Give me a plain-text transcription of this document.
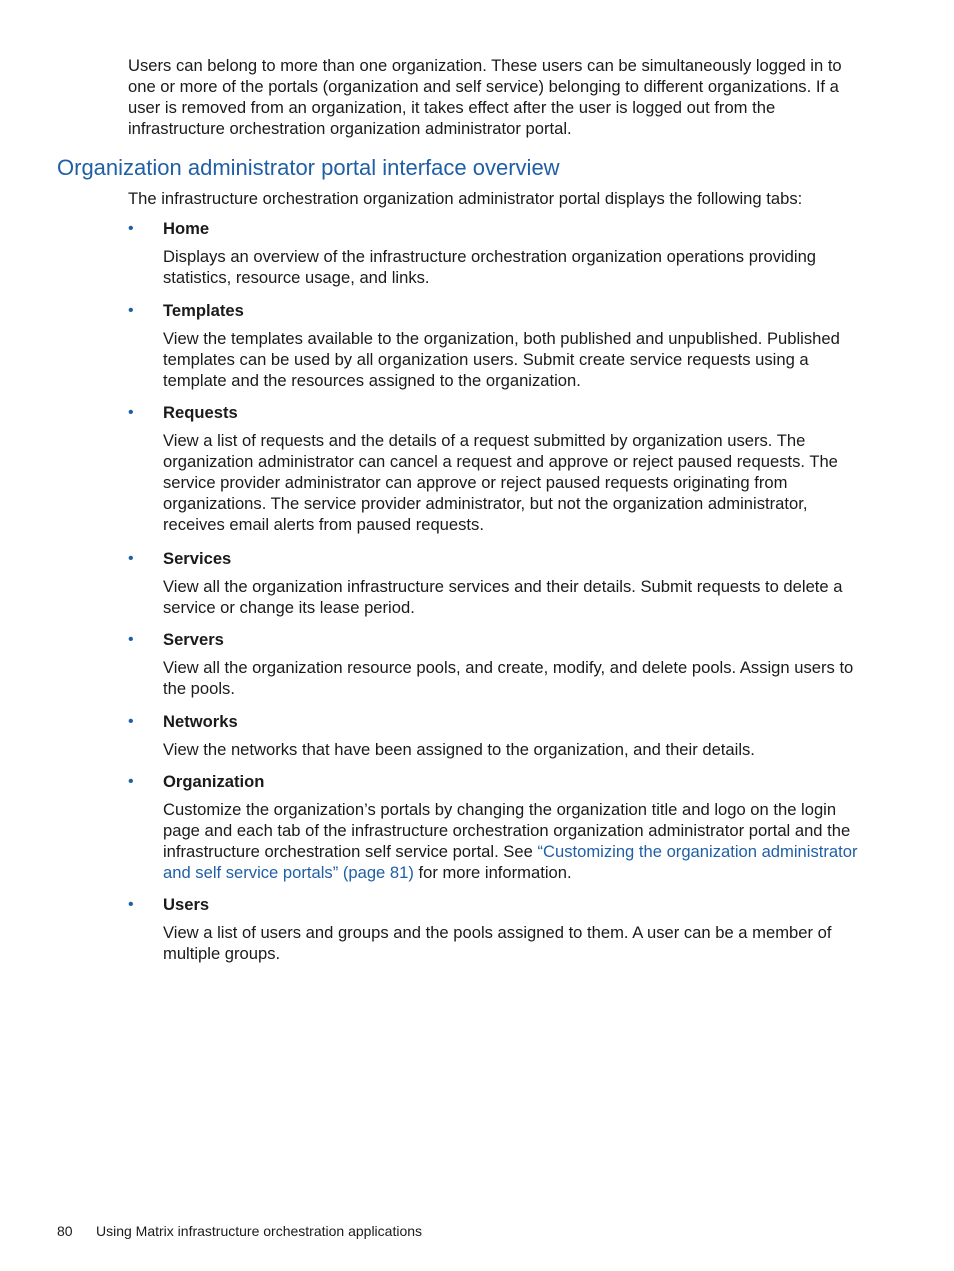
Users can belong to more than one organization. These users can be simultaneously logged in to one or more of the portals (organization and self service) belonging to different organizations. If a user is removed from an organization, it takes effect after the user is logged out from the infrastructure orchestration organization administrator portal.

Organization administrator portal interface overview

The infrastructure orchestration organization administrator portal displays the following tabs:

• Home

Displays an overview of the infrastructure orchestration organization operations providing statistics, resource usage, and links.

• Templates

View the templates available to the organization, both published and unpublished. Published templates can be used by all organization users. Submit create service requests using a template and the resources assigned to the organization.

• Requests

View a list of requests and the details of a request submitted by organization users. The organization administrator can cancel a request and approve or reject paused requests. The service provider administrator can approve or reject paused requests originating from organizations. The service provider administrator, but not the organization administrator, receives email alerts from paused requests.

• Services

View all the organization infrastructure services and their details. Submit requests to delete a service or change its lease period.

• Servers

View all the organization resource pools, and create, modify, and delete pools. Assign users to the pools.

• Networks

View the networks that have been assigned to the organization, and their details.

• Organization

Customize the organization’s portals by changing the organization title and logo on the login page and each tab of the infrastructure orchestration organization administrator portal and the infrastructure orchestration self service portal. See “Customizing the organization administrator and self service portals” (page 81) for more information.

• Users

View a list of users and groups and the pools assigned to them. A user can be a member of multiple groups.

80 Using Matrix infrastructure orchestration applications
